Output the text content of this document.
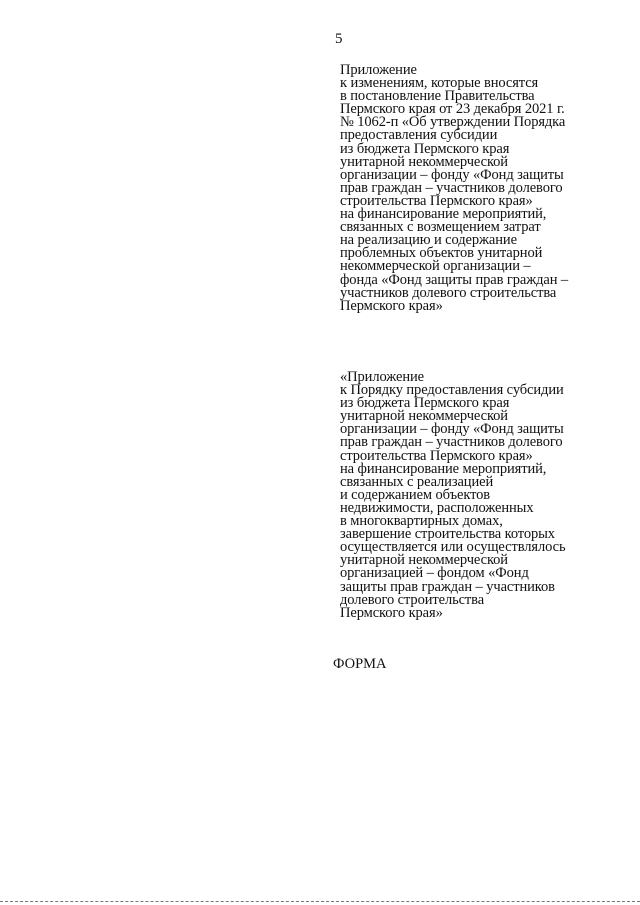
5
Приложение
к изменениям, которые вносятся
в постановление Правительства
Пермского края от 23 декабря 2021 г.
№ 1062-п «Об утверждении Порядка
предоставления субсидии
из бюджета Пермского края
унитарной некоммерческой
организации – фонду «Фонд защиты
прав граждан – участников долевого
строительства Пермского края»
на финансирование мероприятий,
связанных с возмещением затрат
на реализацию и содержание
проблемных объектов унитарной
некоммерческой организации –
фонда «Фонд защиты прав граждан –
участников долевого строительства
Пермского края»
«Приложение
к Порядку предоставления субсидии
из бюджета Пермского края
унитарной некоммерческой
организации – фонду «Фонд защиты
прав граждан – участников долевого
строительства Пермского края»
на финансирование мероприятий,
связанных с реализацией
и содержанием объектов
недвижимости, расположенных
в многоквартирных домах,
завершение строительства которых
осуществляется или осуществлялось
унитарной некоммерческой
организацией – фондом «Фонд
защиты прав граждан – участников
долевого строительства
Пермского края»
ФОРМА
